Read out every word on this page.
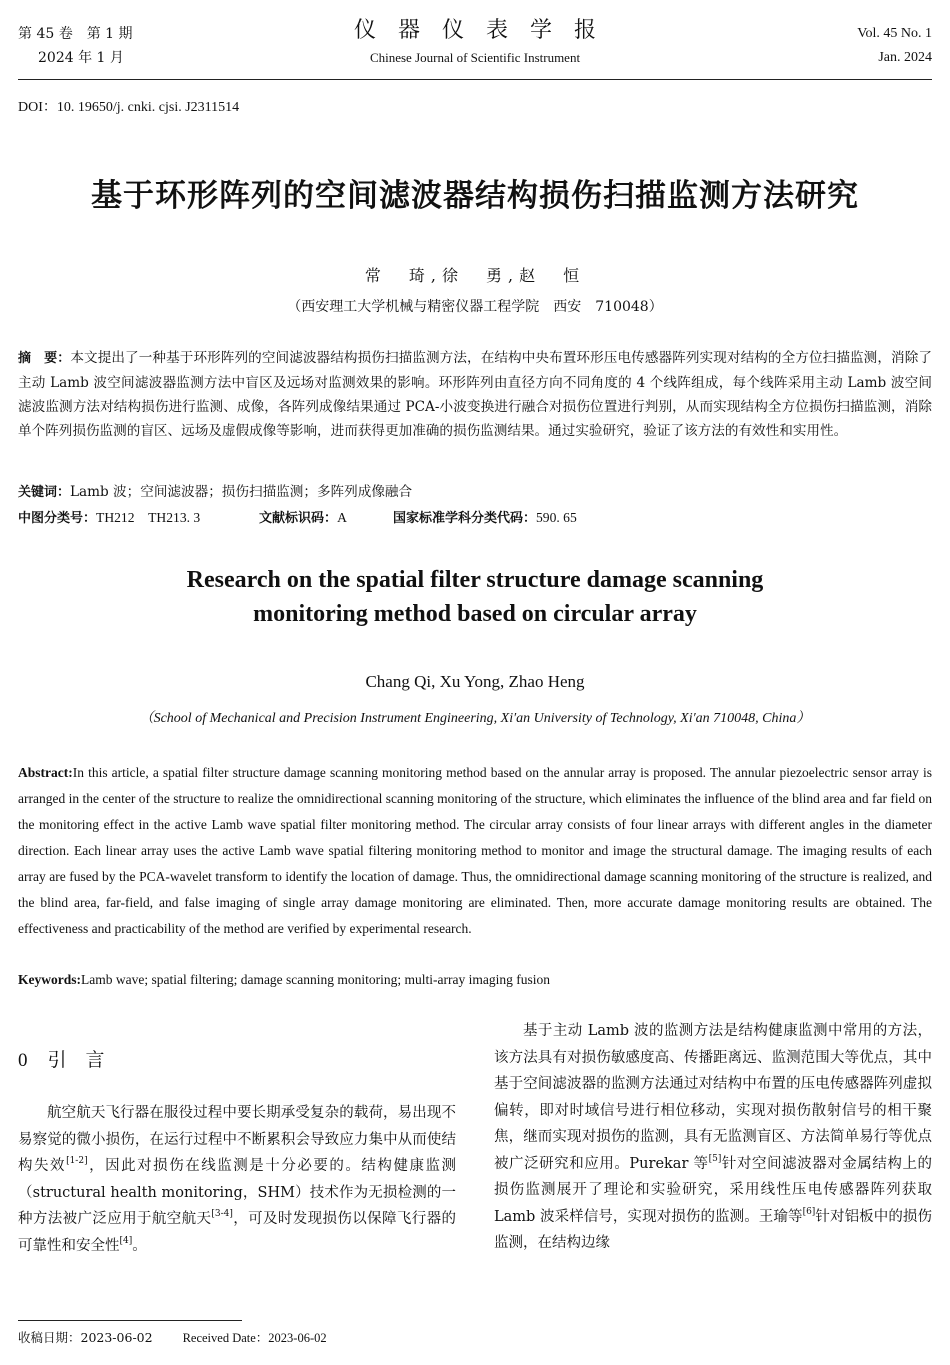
第 45 卷　第 1 期
2024 年 1 月
仪器仪表学报
Chinese Journal of Scientific Instrument
Vol. 45 No. 1
Jan. 2024
DOI：10. 19650/j. cnki. cjsi. J2311514
基于环形阵列的空间滤波器结构损伤扫描监测方法研究
常　琦,徐　勇,赵　恒
（西安理工大学机械与精密仪器工程学院　西安　710048）
摘　要：本文提出了一种基于环形阵列的空间滤波器结构损伤扫描监测方法，在结构中央布置环形压电传感器阵列实现对结构的全方位扫描监测，消除了主动 Lamb 波空间滤波器监测方法中盲区及远场对监测效果的影响。环形阵列由直径方向不同角度的 4 个线阵组成，每个线阵采用主动 Lamb 波空间滤波监测方法对结构损伤进行监测、成像，各阵列成像结果通过 PCA-小波变换进行融合对损伤位置进行判别，从而实现结构全方位损伤扫描监测，消除单个阵列损伤监测的盲区、远场及虚假成像等影响，进而获得更加准确的损伤监测结果。通过实验研究，验证了该方法的有效性和实用性。
关键词：Lamb 波；空间滤波器；损伤扫描监测；多阵列成像融合
中图分类号：TH212　TH213. 3	文献标识码：A	国家标准学科分类代码：590. 65
Research on the spatial filter structure damage scanning
monitoring method based on circular array
Chang Qi, Xu Yong, Zhao Heng
（School of Mechanical and Precision Instrument Engineering, Xi′an University of Technology, Xi′an 710048, China）
Abstract:In this article, a spatial filter structure damage scanning monitoring method based on the annular array is proposed. The annular piezoelectric sensor array is arranged in the center of the structure to realize the omnidirectional scanning monitoring of the structure, which eliminates the influence of the blind area and far field on the monitoring effect in the active Lamb wave spatial filter monitoring method. The circular array consists of four linear arrays with different angles in the diameter direction. Each linear array uses the active Lamb wave spatial filtering monitoring method to monitor and image the structural damage. The imaging results of each array are fused by the PCA-wavelet transform to identify the location of damage. Thus, the omnidirectional damage scanning monitoring of the structure is realized, and the blind area, far-field, and false imaging of single array damage monitoring are eliminated. Then, more accurate damage monitoring results are obtained. The effectiveness and practicability of the method are verified by experimental research.
Keywords:Lamb wave; spatial filtering; damage scanning monitoring; multi-array imaging fusion
0 引　言

航空航天飞行器在服役过程中要长期承受复杂的载荷，易出现不易察觉的微小损伤，在运行过程中不断累积会导致应力集中从而使结构失效[1-2]，因此对损伤在线监测是十分必要的。结构健康监测（structural health monitoring，SHM）技术作为无损检测的一种方法被广泛应用于航空航天[3-4]，可及时发现损伤以保障飞行器的可靠性和安全性[4]。

基于主动 Lamb 波的监测方法是结构健康监测中常用的方法，该方法具有对损伤敏感度高、传播距离远、监测范围大等优点，其中基于空间滤波器的监测方法通过对结构中布置的压电传感器阵列虚拟偏转，即对时域信号进行相位移动，实现对损伤散射信号的相干聚焦，继而实现对损伤的监测，具有无监测盲区、方法简单易行等优点被广泛研究和应用。Purekar 等[5]针对空间滤波器对金属结构上的损伤监测展开了理论和实验研究，采用线性压电传感器阵列获取 Lamb 波采样信号，实现对损伤的监测。王瑜等[6]针对铝板中的损伤监测，在结构边缘

收稿日期：2023-06-02 Received Date：2023-06-02
